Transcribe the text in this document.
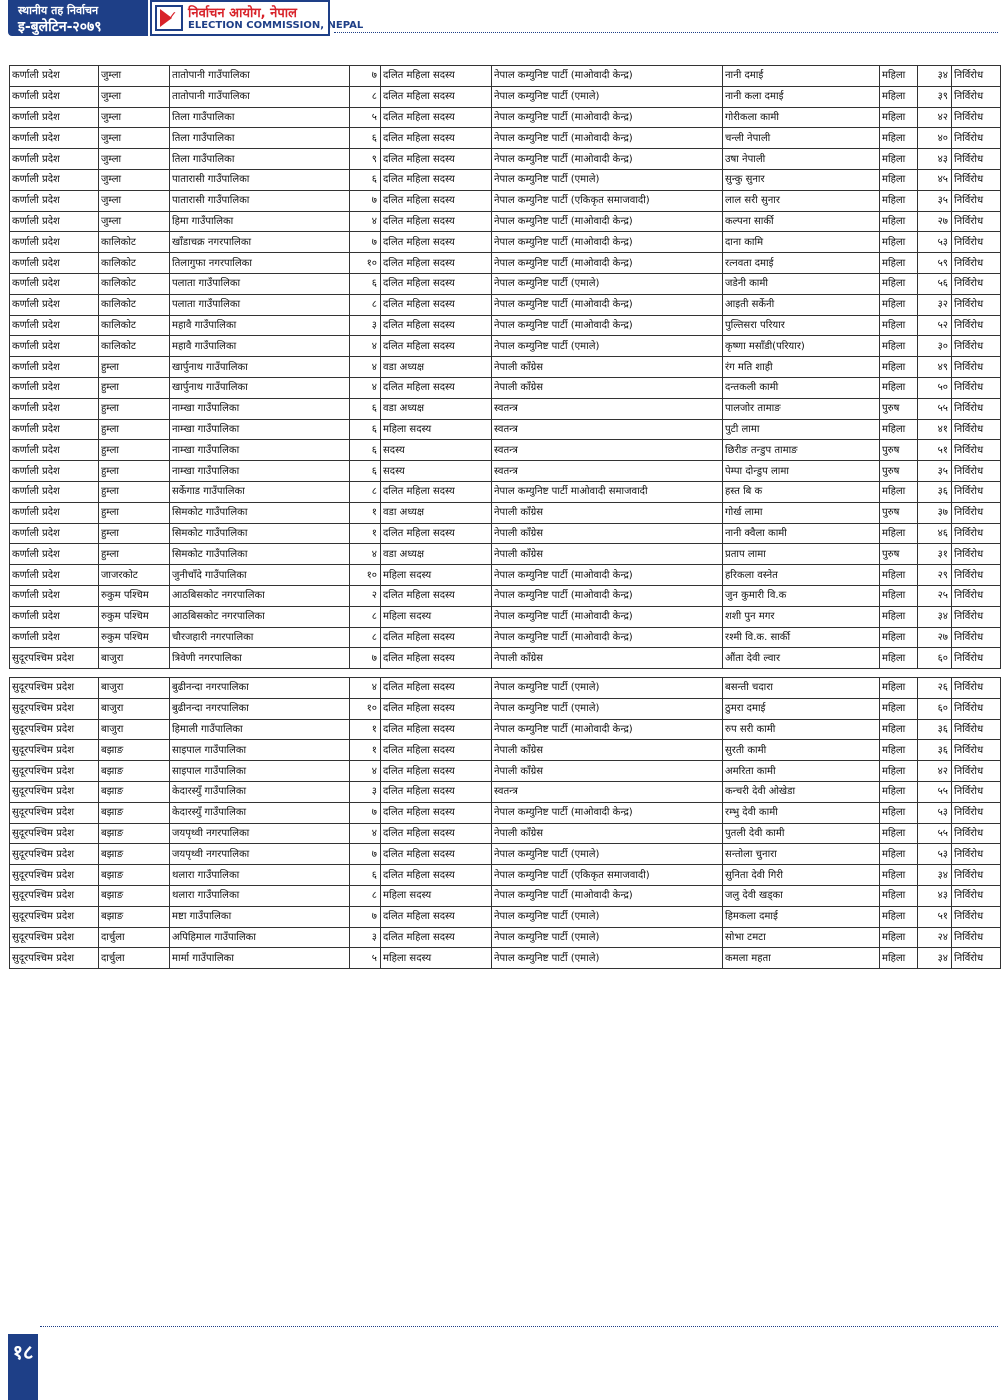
स्थानीय तह निर्वाचन
इ-बुलेटिन-२०७९
✓ निर्वाचन आयोग, नेपाल
ELECTION COMMISSION, NEPAL
कर्णाली प्रदेश	जुम्ला	तातोपानी गाउँपालिका	७	दलित महिला सदस्य	नेपाल कम्युनिष्ट पार्टी (माओवादी केन्द्र)	नानी दमाई	महिला	३४	निर्विरोध
कर्णाली प्रदेश	जुम्ला	तातोपानी गाउँपालिका	८	दलित महिला सदस्य	नेपाल कम्युनिष्ट पार्टी (एमाले)	नानी कला दमाई	महिला	३९	निर्विरोध
कर्णाली प्रदेश	जुम्ला	तिला गाउँपालिका	५	दलित महिला सदस्य	नेपाल कम्युनिष्ट पार्टी (माओवादी केन्द्र)	गोरीकला कामी	महिला	४२	निर्विरोध
कर्णाली प्रदेश	जुम्ला	तिला गाउँपालिका	६	दलित महिला सदस्य	नेपाल कम्युनिष्ट पार्टी (माओवादी केन्द्र)	चन्ली नेपाली	महिला	४०	निर्विरोध
कर्णाली प्रदेश	जुम्ला	तिला गाउँपालिका	९	दलित महिला सदस्य	नेपाल कम्युनिष्ट पार्टी (माओवादी केन्द्र)	उषा नेपाली	महिला	४३	निर्विरोध
कर्णाली प्रदेश	जुम्ला	पातारासी गाउँपालिका	६	दलित महिला सदस्य	नेपाल कम्युनिष्ट पार्टी (एमाले)	सुन्कु सुनार	महिला	४५	निर्विरोध
कर्णाली प्रदेश	जुम्ला	पातारासी गाउँपालिका	७	दलित महिला सदस्य	नेपाल कम्युनिष्ट पार्टी (एकिकृत समाजवादी)	लाल सरी सुनार	महिला	३५	निर्विरोध
कर्णाली प्रदेश	जुम्ला	हिमा गाउँपालिका	४	दलित महिला सदस्य	नेपाल कम्युनिष्ट पार्टी (माओवादी केन्द्र)	कल्पना सार्की	महिला	२७	निर्विरोध
कर्णाली प्रदेश	कालिकोट	खाँडाचक्र नगरपालिका	७	दलित महिला सदस्य	नेपाल कम्युनिष्ट पार्टी (माओवादी केन्द्र)	दाना कामि	महिला	५३	निर्विरोध
कर्णाली प्रदेश	कालिकोट	तिलागुफा नगरपालिका	१०	दलित महिला सदस्य	नेपाल कम्युनिष्ट पार्टी (माओवादी केन्द्र)	रत्नवता दमाई	महिला	५९	निर्विरोध
कर्णाली प्रदेश	कालिकोट	पलाता गाउँपालिका	६	दलित महिला सदस्य	नेपाल कम्युनिष्ट पार्टी (एमाले)	जडेनी कामी	महिला	५६	निर्विरोध
कर्णाली प्रदेश	कालिकोट	पलाता गाउँपालिका	८	दलित महिला सदस्य	नेपाल कम्युनिष्ट पार्टी (माओवादी केन्द्र)	आइती सर्केनी	महिला	३२	निर्विरोध
कर्णाली प्रदेश	कालिकोट	महावै गाउँपालिका	३	दलित महिला सदस्य	नेपाल कम्युनिष्ट पार्टी (माओवादी केन्द्र)	पुल्तिसरा परियार	महिला	५२	निर्विरोध
कर्णाली प्रदेश	कालिकोट	महावै गाउँपालिका	४	दलित महिला सदस्य	नेपाल कम्युनिष्ट पार्टी (एमाले)	कृष्णा मसाँडी(परियार)	महिला	३०	निर्विरोध
कर्णाली प्रदेश	हुम्ला	खार्पुनाथ गाउँपालिका	४	वडा अध्यक्ष	नेपाली काँग्रेस	रंग मति शाही	महिला	४९	निर्विरोध
कर्णाली प्रदेश	हुम्ला	खार्पुनाथ गाउँपालिका	४	दलित महिला सदस्य	नेपाली काँग्रेस	दन्तकली कामी	महिला	५०	निर्विरोध
कर्णाली प्रदेश	हुम्ला	नाम्खा गाउँपालिका	६	वडा अध्यक्ष	स्वतन्त्र	पालजोर तामाङ	पुरुष	५५	निर्विरोध
कर्णाली प्रदेश	हुम्ला	नाम्खा गाउँपालिका	६	महिला सदस्य	स्वतन्त्र	पुटी लामा	महिला	४१	निर्विरोध
कर्णाली प्रदेश	हुम्ला	नाम्खा गाउँपालिका	६	सदस्य	स्वतन्त्र	छिरीङ तन्डुप तामाङ	पुरुष	५१	निर्विरोध
कर्णाली प्रदेश	हुम्ला	नाम्खा गाउँपालिका	६	सदस्य	स्वतन्त्र	पेम्पा दोन्डुप लामा	पुरुष	३५	निर्विरोध
कर्णाली प्रदेश	हुम्ला	सर्केगाड गाउँपालिका	८	दलित महिला सदस्य	नेपाल कम्युनिष्ट पार्टी माओवादी समाजवादी	हस्त बि क	महिला	३६	निर्विरोध
कर्णाली प्रदेश	हुम्ला	सिमकोट गाउँपालिका	१	वडा अध्यक्ष	नेपाली काँग्रेस	गोर्ख लामा	पुरुष	३७	निर्विरोध
कर्णाली प्रदेश	हुम्ला	सिमकोट गाउँपालिका	१	दलित महिला सदस्य	नेपाली काँग्रेस	नानी क्वैला कामी	महिला	४६	निर्विरोध
कर्णाली प्रदेश	हुम्ला	सिमकोट गाउँपालिका	४	वडा अध्यक्ष	नेपाली काँग्रेस	प्रताप लामा	पुरुष	३१	निर्विरोध
कर्णाली प्रदेश	जाजरकोट	जुनीचाँदे गाउँपालिका	१०	महिला सदस्य	नेपाल कम्युनिष्ट पार्टी (माओवादी केन्द्र)	हरिकला वस्नेत	महिला	२९	निर्विरोध
कर्णाली प्रदेश	रुकुम पश्चिम	आठबिसकोट नगरपालिका	२	दलित महिला सदस्य	नेपाल कम्युनिष्ट पार्टी (माओवादी केन्द्र)	जुन कुमारी वि.क	महिला	२५	निर्विरोध
कर्णाली प्रदेश	रुकुम पश्चिम	आठबिसकोट नगरपालिका	८	महिला सदस्य	नेपाल कम्युनिष्ट पार्टी (माओवादी केन्द्र)	शशी पुन मगर	महिला	३४	निर्विरोध
कर्णाली प्रदेश	रुकुम पश्चिम	चौरजहारी नगरपालिका	८	दलित महिला सदस्य	नेपाल कम्युनिष्ट पार्टी (माओवादी केन्द्र)	रश्मी वि.क. सार्की	महिला	२७	निर्विरोध
सुदूरपश्चिम प्रदेश	बाजुरा	त्रिवेणी नगरपालिका	७	दलित महिला सदस्य	नेपाली काँग्रेस	औंता देवी ल्वार	महिला	६०	निर्विरोध
सुदूरपश्चिम प्रदेश	बाजुरा	बुढीनन्दा नगरपालिका	४	दलित महिला सदस्य	नेपाल कम्युनिष्ट पार्टी (एमाले)	बसन्ती चदारा	महिला	२६	निर्विरोध
सुदूरपश्चिम प्रदेश	बाजुरा	बुढीनन्दा नगरपालिका	१०	दलित महिला सदस्य	नेपाल कम्युनिष्ट पार्टी (एमाले)	ठुमरा दमाई	महिला	६०	निर्विरोध
सुदूरपश्चिम प्रदेश	बाजुरा	हिमाली गाउँपालिका	१	दलित महिला सदस्य	नेपाल कम्युनिष्ट पार्टी (माओवादी केन्द्र)	रुप सरी कामी	महिला	३६	निर्विरोध
सुदूरपश्चिम प्रदेश	बझाङ	साइपाल गाउँपालिका	१	दलित महिला सदस्य	नेपाली काँग्रेस	सुरती कामी	महिला	३६	निर्विरोध
सुदूरपश्चिम प्रदेश	बझाङ	साइपाल गाउँपालिका	४	दलित महिला सदस्य	नेपाली काँग्रेस	अमरिता कामी	महिला	४२	निर्विरोध
सुदूरपश्चिम प्रदेश	बझाङ	केदारस्युँ गाउँपालिका	३	दलित महिला सदस्य	स्वतन्त्र	कन्चरी देवी ओखेडा	महिला	५५	निर्विरोध
सुदूरपश्चिम प्रदेश	बझाङ	केदारस्युँ गाउँपालिका	७	दलित महिला सदस्य	नेपाल कम्युनिष्ट पार्टी (माओवादी केन्द्र)	रम्भु देवी कामी	महिला	५३	निर्विरोध
सुदूरपश्चिम प्रदेश	बझाङ	जयपृथ्वी नगरपालिका	४	दलित महिला सदस्य	नेपाली काँग्रेस	पुतली देवी कामी	महिला	५५	निर्विरोध
सुदूरपश्चिम प्रदेश	बझाङ	जयपृथ्वी नगरपालिका	७	दलित महिला सदस्य	नेपाल कम्युनिष्ट पार्टी (एमाले)	सन्तोला चुनारा	महिला	५३	निर्विरोध
सुदूरपश्चिम प्रदेश	बझाङ	थलारा गाउँपालिका	६	दलित महिला सदस्य	नेपाल कम्युनिष्ट पार्टी (एकिकृत समाजवादी)	सुनिता देवी गिरी	महिला	३४	निर्विरोध
सुदूरपश्चिम प्रदेश	बझाङ	थलारा गाउँपालिका	८	महिला सदस्य	नेपाल कम्युनिष्ट पार्टी (माओवादी केन्द्र)	जलु देवी खड्का	महिला	४३	निर्विरोध
सुदूरपश्चिम प्रदेश	बझाङ	मष्टा गाउँपालिका	७	दलित महिला सदस्य	नेपाल कम्युनिष्ट पार्टी (एमाले)	हिमकला दमाई	महिला	५१	निर्विरोध
सुदूरपश्चिम प्रदेश	दार्चुला	अपिहिमाल गाउँपालिका	३	दलित महिला सदस्य	नेपाल कम्युनिष्ट पार्टी (एमाले)	सोभा टमटा	महिला	२४	निर्विरोध
सुदूरपश्चिम प्रदेश	दार्चुला	मार्मा गाउँपालिका	५	महिला सदस्य	नेपाल कम्युनिष्ट पार्टी (एमाले)	कमला महता	महिला	३४	निर्विरोध
१८
